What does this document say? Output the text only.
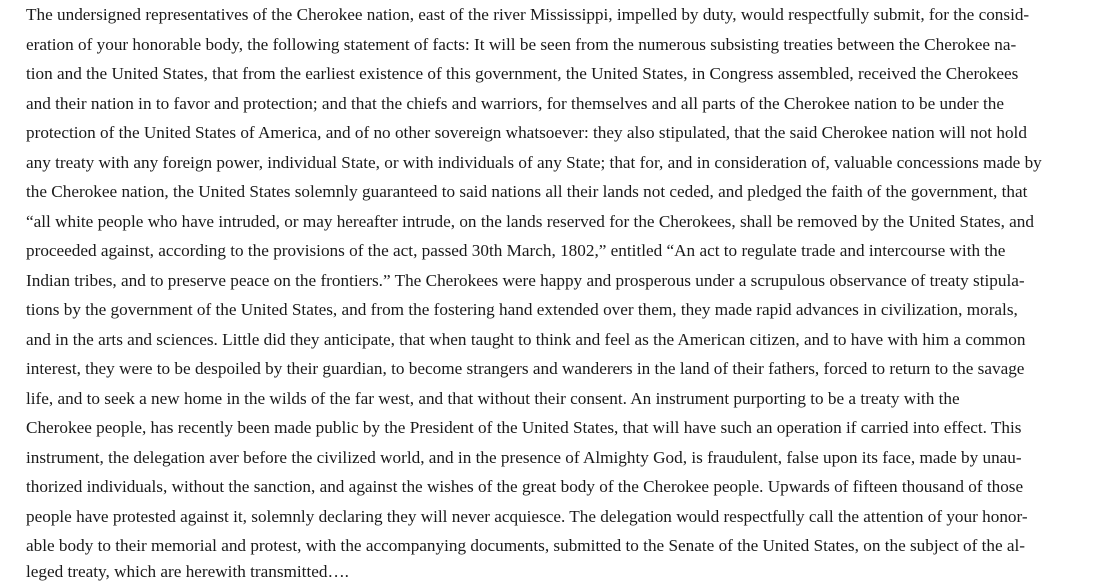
The undersigned representatives of the Cherokee nation, east of the river Mississippi, impelled by duty, would respectfully submit, for the consid-
eration of your honorable body, the following statement of facts: It will be seen from the numerous subsisting treaties between the Cherokee na-
tion and the United States, that from the earliest existence of this government, the United States, in Congress assembled, received the Cherokees
and their nation in to favor and protection; and that the chiefs and warriors, for themselves and all parts of the Cherokee nation to be under the
protection of the United States of America, and of no other sovereign whatsoever: they also stipulated, that the said Cherokee nation will not hold
any treaty with any foreign power, individual State, or with individuals of any State; that for, and in consideration of, valuable concessions made by
the Cherokee nation, the United States solemnly guaranteed to said nations all their lands not ceded, and pledged the faith of the government, that
“all white people who have intruded, or may hereafter intrude, on the lands reserved for the Cherokees, shall be removed by the United States, and
proceeded against, according to the provisions of the act, passed 30th March, 1802,” entitled “An act to regulate trade and intercourse with the
Indian tribes, and to preserve peace on the frontiers.” The Cherokees were happy and prosperous under a scrupulous observance of treaty stipula-
tions by the government of the United States, and from the fostering hand extended over them, they made rapid advances in civilization, morals,
and in the arts and sciences. Little did they anticipate, that when taught to think and feel as the American citizen, and to have with him a common
interest, they were to be despoiled by their guardian, to become strangers and wanderers in the land of their fathers, forced to return to the savage
life, and to seek a new home in the wilds of the far west, and that without their consent. An instrument purporting to be a treaty with the
Cherokee people, has recently been made public by the President of the United States, that will have such an operation if carried into effect. This
instrument, the delegation aver before the civilized world, and in the presence of Almighty God, is fraudulent, false upon its face, made by unau-
thorized individuals, without the sanction, and against the wishes of the great body of the Cherokee people. Upwards of fifteen thousand of those
people have protested against it, solemnly declaring they will never acquiesce. The delegation would respectfully call the attention of your honor-
able body to their memorial and protest, with the accompanying documents, submitted to the Senate of the United States, on the subject of the al-
leged treaty, which are herewith transmitted….
